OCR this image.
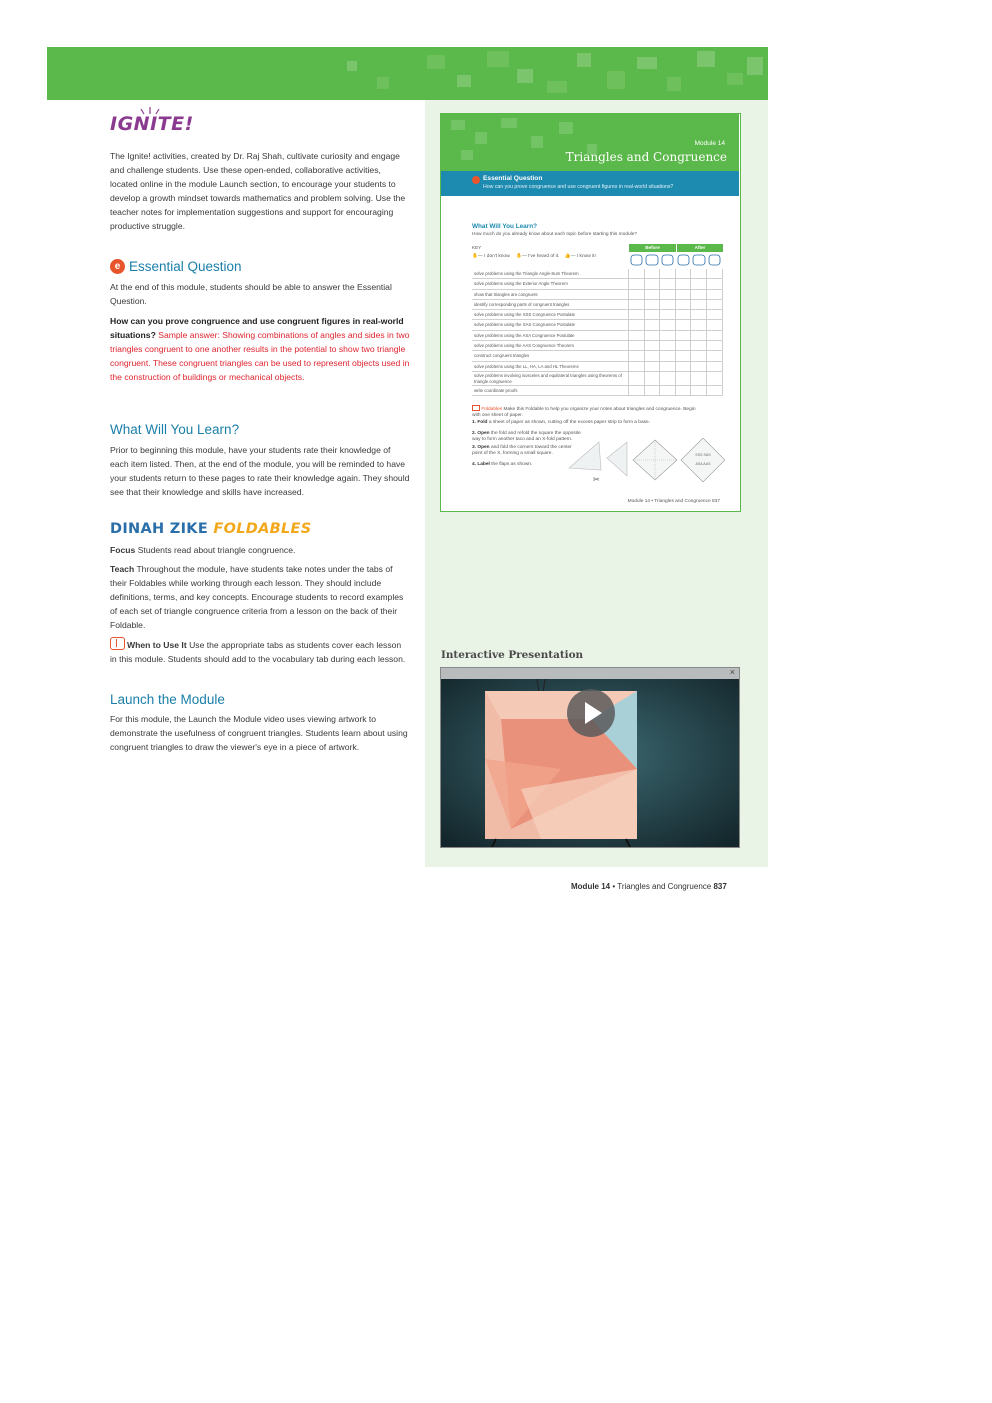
IGNITE!
The Ignite! activities, created by Dr. Raj Shah, cultivate curiosity and engage and challenge students. Use these open-ended, collaborative activities, located online in the module Launch section, to encourage your students to develop a growth mindset towards mathematics and problem solving. Use the teacher notes for implementation suggestions and support for encouraging productive struggle.
e Essential Question
At the end of this module, students should be able to answer the Essential Question.
How can you prove congruence and use congruent figures in real-world situations? Sample answer: Showing combinations of angles and sides in two triangles congruent to one another results in the potential to show two triangle congruent. These congruent triangles can be used to represent objects used in the construction of buildings or mechanical objects.
What Will You Learn?
Prior to beginning this module, have your students rate their knowledge of each item listed. Then, at the end of the module, you will be reminded to have your students return to these pages to rate their knowledge again. They should see that their knowledge and skills have increased.
DINAH ZIKE FOLDABLES
Focus Students read about triangle congruence.
Teach Throughout the module, have students take notes under the tabs of their Foldables while working through each lesson. They should include definitions, terms, and key concepts. Encourage students to record examples of each set of triangle congruence criteria from a lesson on the back of their Foldable.
When to Use It Use the appropriate tabs as students cover each lesson in this module. Students should add to the vocabulary tab during each lesson.
Launch the Module
For this module, the Launch the Module video uses viewing artwork to demonstrate the usefulness of congruent triangles. Students learn about using congruent triangles to draw the viewer's eye in a piece of artwork.
Module 14
Triangles and Congruence
Essential Question
How can you prove congruence and use congruent figures in real-world situations?
What Will You Learn?
How much do you already know about each topic before starting this module?
KEY
✋— I don't know. ✋— I've heard of it. 👍— I know it!
Before	After
solve problems using the Triangle Angle-Sum Theorem
solve problems using the Exterior Angle Theorem
show that triangles are congruent
identify corresponding parts of congruent triangles
solve problems using the SSS Congruence Postulate
solve problems using the SAS Congruence Postulate
solve problems using the ASA Congruence Postulate
solve problems using the AAS Congruence Theorem
construct congruent triangles
solve problems using the LL, HA, LA and HL Theorems
solve problems involving isosceles and equilateral triangles using theorems of triangle congruence
write coordinate proofs
Foldables Make this Foldable to help you organize your notes about triangles and congruence. Begin with one sheet of paper.
1. Fold a sheet of paper as shown, cutting off the excess paper strip to form a base.
2. Open the fold and refold the square the opposite way to form another taco and an X-fold pattern.
3. Open and fold the corners toward the center point of the X, forming a small square.
4. Label the flaps as shown.
SSS SAS
ASA AAS
✂
Module 14 • Triangles and Congruence 837
Interactive Presentation
×
Module 14 • Triangles and Congruence 837
